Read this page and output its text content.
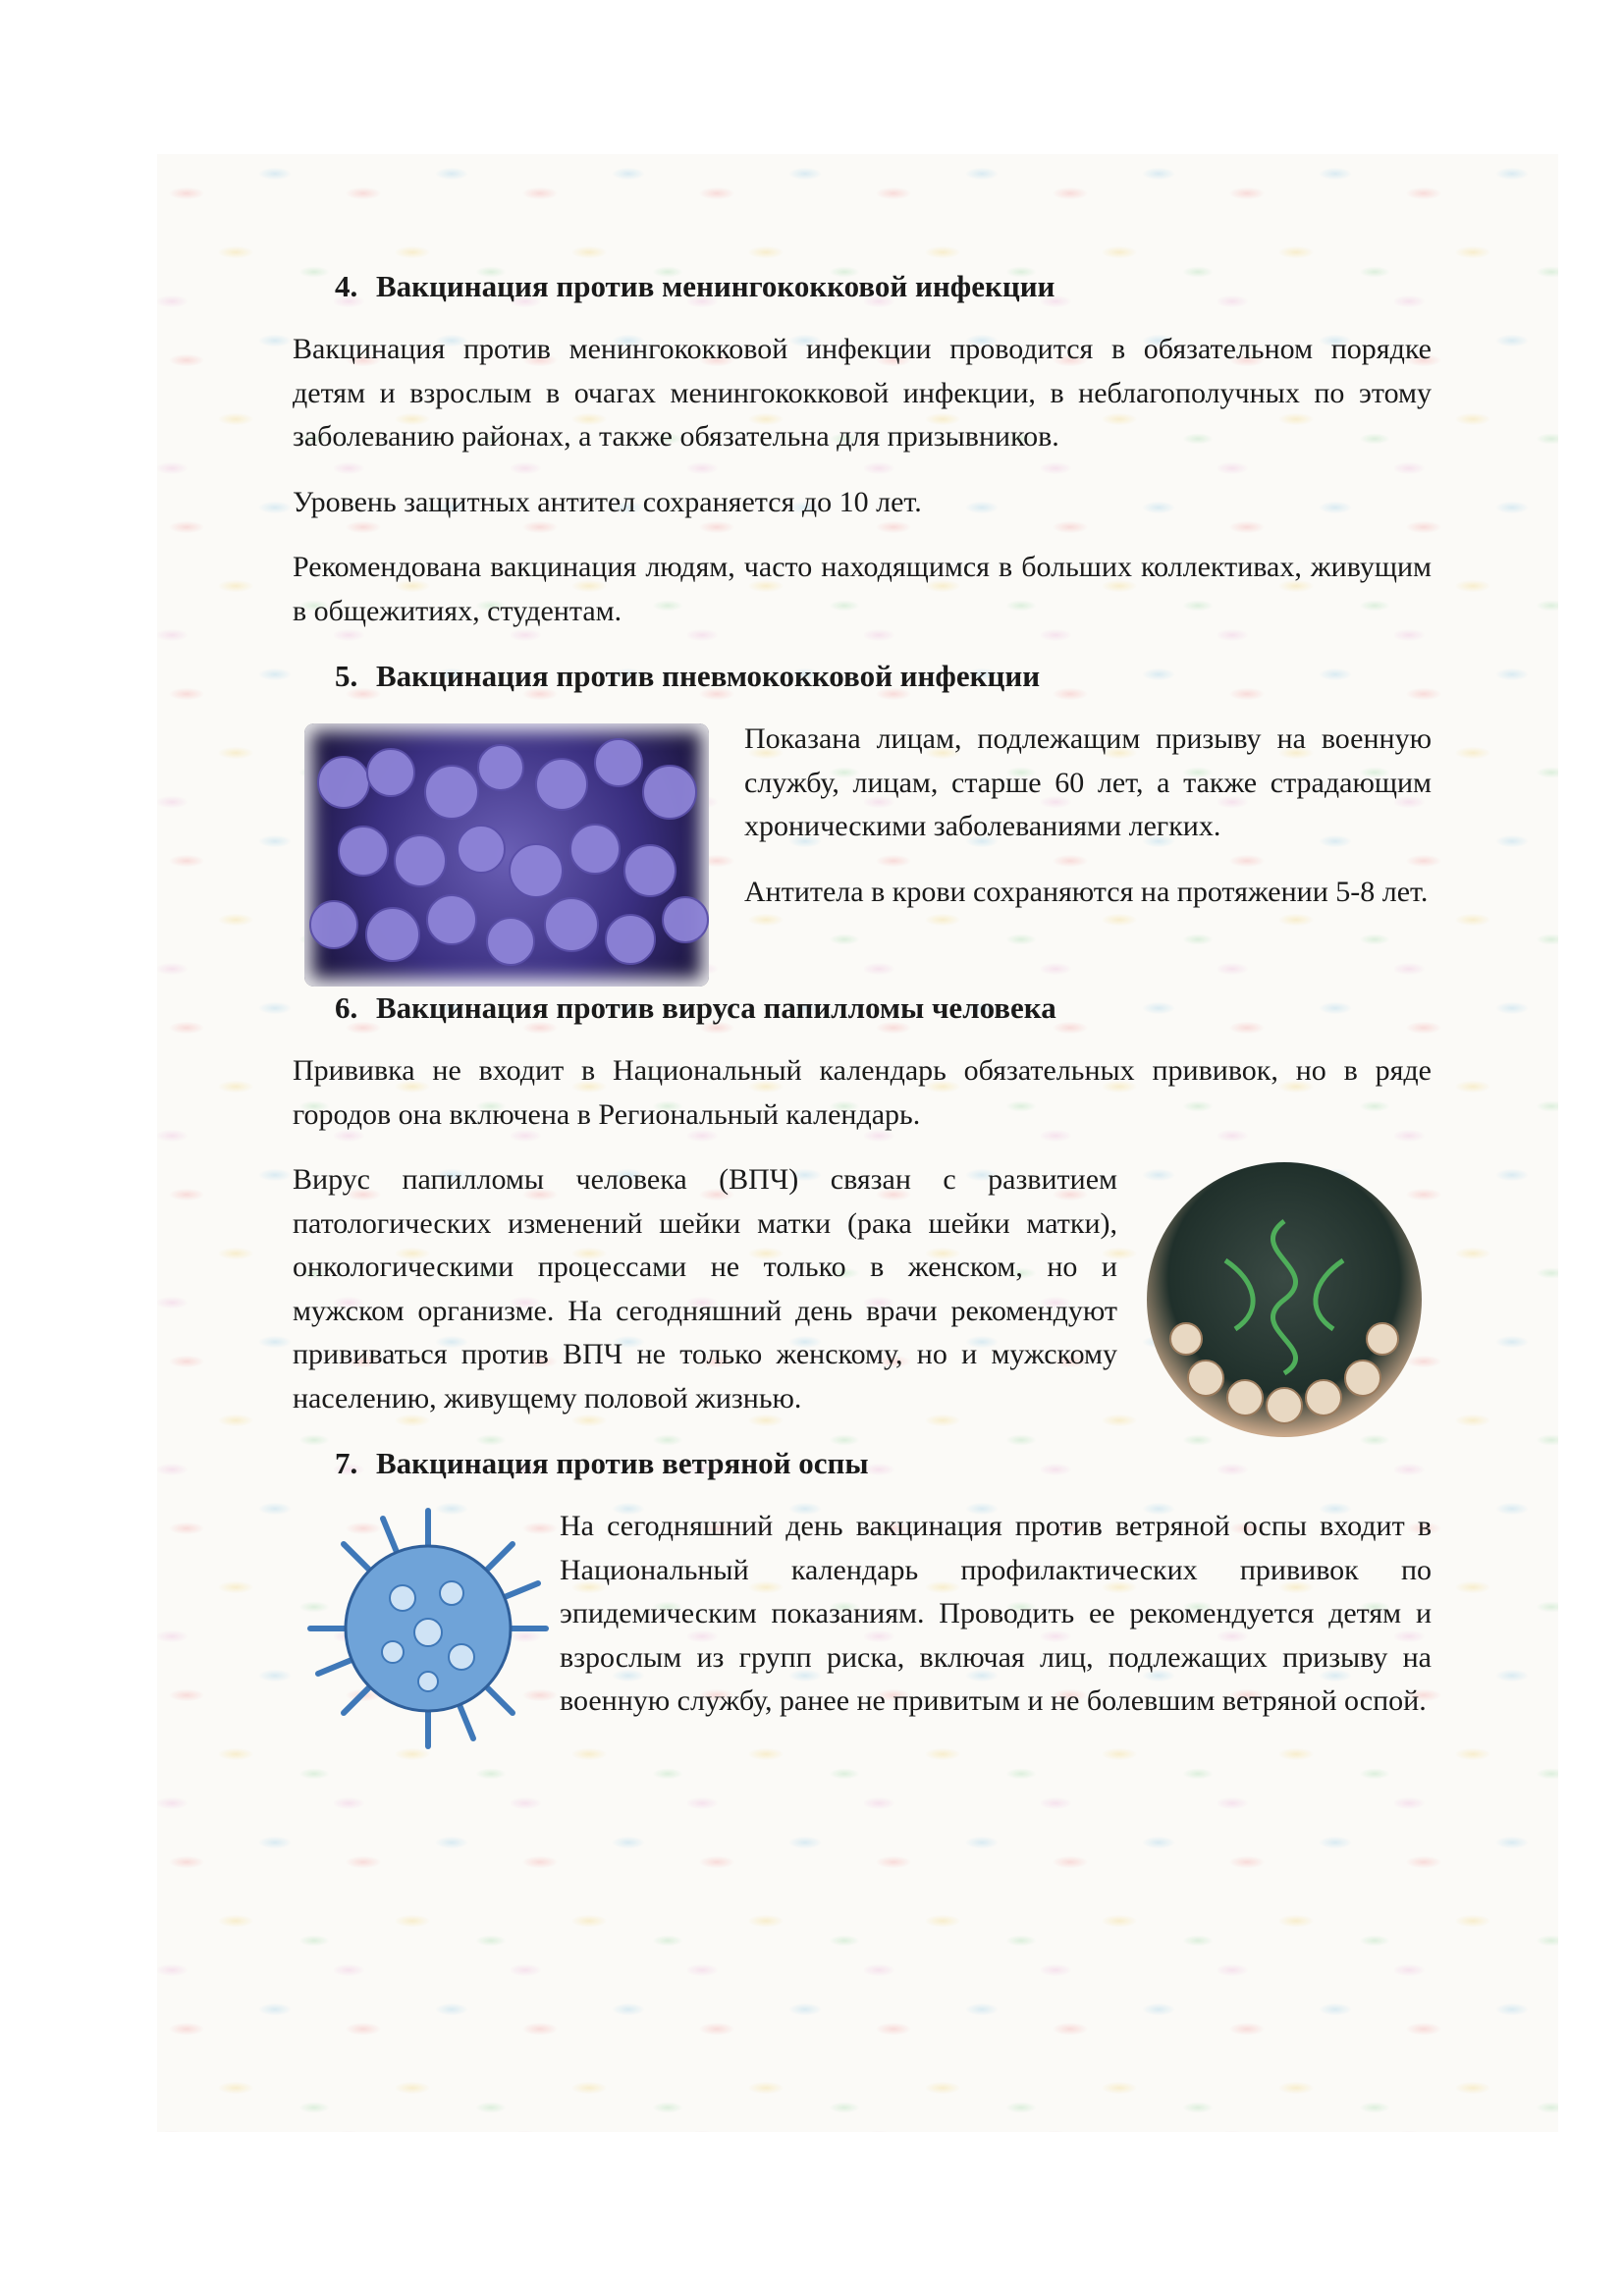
4. Вакцинация против менингококковой инфекции

Вакцинация против менингококковой инфекции проводится в обязательном порядке детям и взрослым в очагах менингококковой инфекции, в неблагополучных по этому заболеванию районах, а также обязательна для призывников.

Уровень защитных антител сохраняется до 10 лет.

Рекомендована вакцинация людям, часто находящимся в больших коллективах, живущим в общежитиях, студентам.

5. Вакцинация против пневмококковой инфекции

Показана лицам, подлежащим призыву на военную службу, лицам, старше 60 лет, а также страдающим хроническими заболеваниями легких.

Антитела в крови сохраняются на протяжении 5-8 лет.

6. Вакцинация против вируса папилломы человека

Прививка не входит в Национальный календарь обязательных прививок, но в ряде городов она включена в Региональный календарь.

Вирус папилломы человека (ВПЧ) связан с развитием патологических изменений шейки матки (рака шейки матки), онкологическими процессами не только в женском, но и мужском организме. На сегодняшний день врачи рекомендуют прививаться против ВПЧ не только женскому, но и мужскому населению, живущему половой жизнью.

7. Вакцинация против ветряной оспы

На сегодняшний день вакцинация против ветряной оспы входит в Национальный календарь профилактических прививок по эпидемическим показаниям. Проводить ее рекомендуется детям и взрослым из групп риска, включая лиц, подлежащих призыву на военную службу, ранее не привитым и не болевшим ветряной оспой.
